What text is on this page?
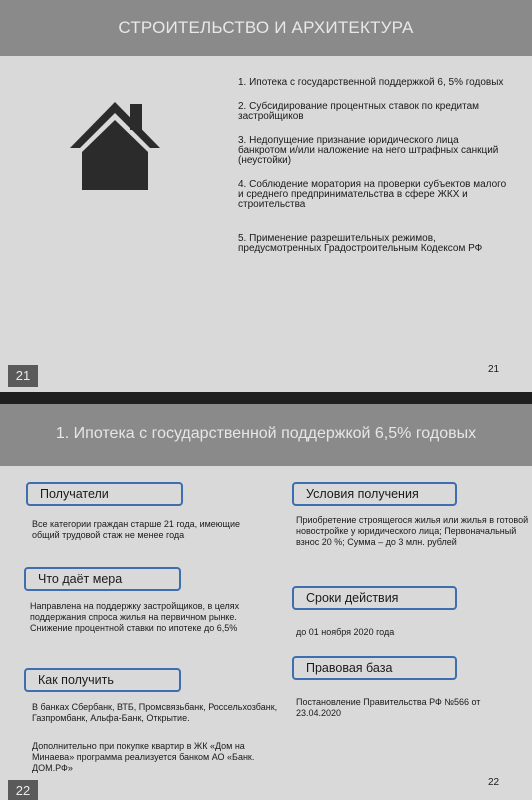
СТРОИТЕЛЬСТВО И АРХИТЕКТУРА
1. Ипотека с государственной поддержкой 6, 5% годовых
2. Субсидирование процентных ставок по кредитам застройщиков
3. Недопущение признание юридического лица банкротом и/или наложение на него штрафных санкций (неустойки)
4. Соблюдение моратория на проверки субъектов малого и среднего предпринимательства в сфере ЖКХ и строительства
5. Применение разрешительных режимов, предусмотренных Градостроительным Кодексом РФ
21
21
1. Ипотека с государственной поддержкой 6,5% годовых
Получатели
Все категории граждан старше 21 года, имеющие общий трудовой стаж не менее года
Условия получения
Приобретение строящегося жилья или жилья в готовой новостройке у юридического лица; Первоначальный взнос 20 %; Сумма – до 3 млн. рублей
Что даёт мера
Направлена на поддержку застройщиков, в целях поддержания спроса жилья на первичном рынке. Снижение процентной ставки по ипотеке до 6,5%
Сроки действия
до 01 ноября 2020 года
Правовая база
Постановление Правительства РФ №566 от 23.04.2020
Как получить
В банках Сбербанк, ВТБ, Промсвязьбанк, Россельхозбанк, Газпромбанк, Альфа-Банк, Открытие.
Дополнительно при покупке квартир в ЖК «Дом на Минаева» программа реализуется банком АО «Банк. ДОМ.РФ»
22
22
